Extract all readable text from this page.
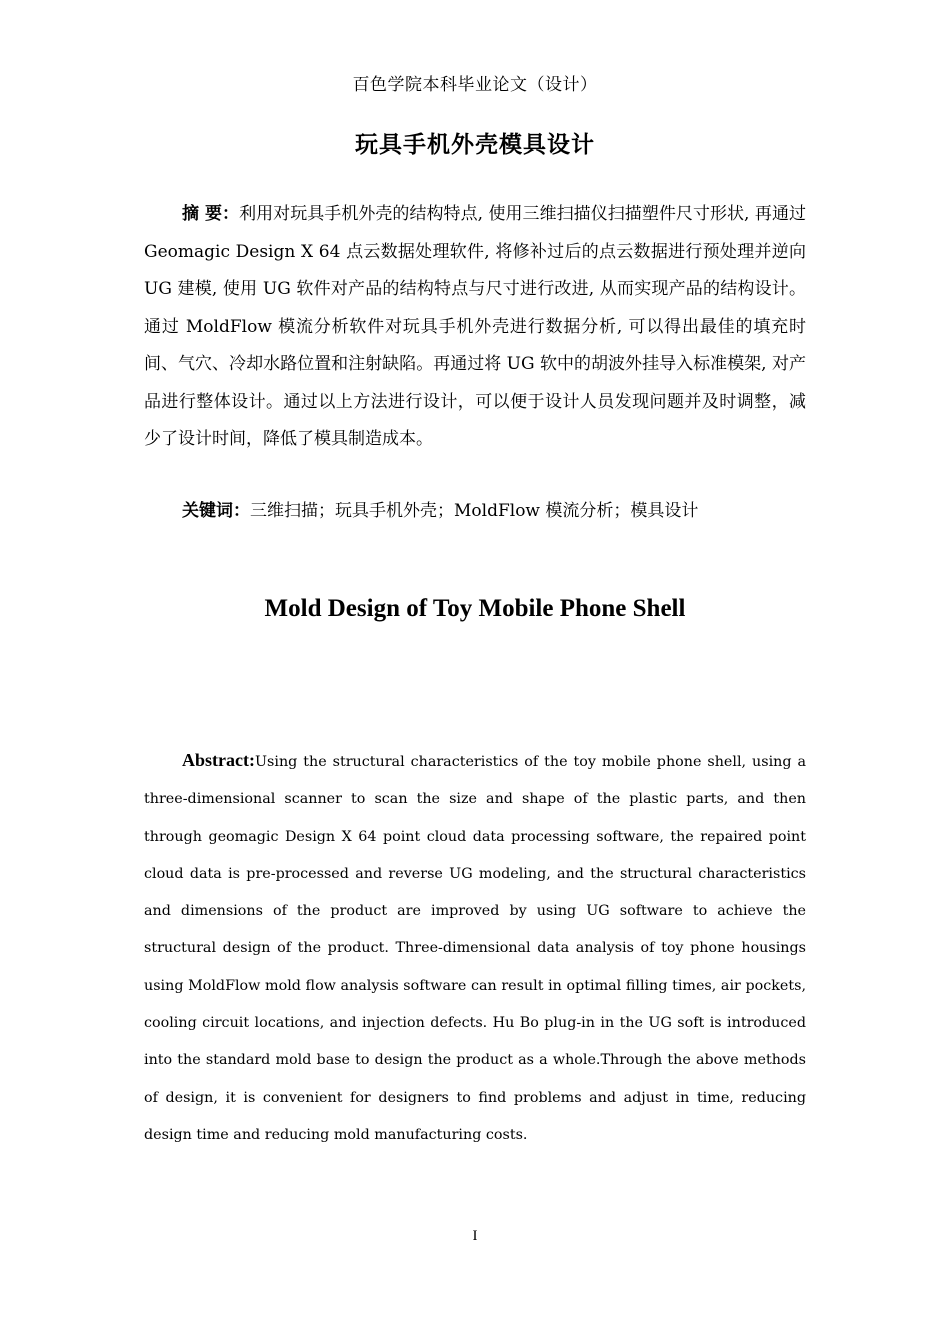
百色学院本科毕业论文（设计）
玩具手机外壳模具设计

摘 要：利用对玩具手机外壳的结构特点, 使用三维扫描仪扫描塑件尺寸形状, 再通过 Geomagic Design X 64 点云数据处理软件, 将修补过后的点云数据进行预处理并逆向 UG 建模, 使用 UG 软件对产品的结构特点与尺寸进行改进, 从而实现产品的结构设计。通过 MoldFlow 模流分析软件对玩具手机外壳进行数据分析, 可以得出最佳的填充时间、气穴、冷却水路位置和注射缺陷。再通过将 UG 软中的胡波外挂导入标准模架, 对产品进行整体设计。通过以上方法进行设计，可以便于设计人员发现问题并及时调整，减少了设计时间，降低了模具制造成本。

关键词：三维扫描；玩具手机外壳；MoldFlow 模流分析；模具设计

Mold Design of Toy Mobile Phone Shell

Abstract:Using the structural characteristics of the toy mobile phone shell, using a three-dimensional scanner to scan the size and shape of the plastic parts, and then through geomagic Design X 64 point cloud data processing software, the repaired point cloud data is pre-processed and reverse UG modeling, and the structural characteristics and dimensions of the product are improved by using UG software to achieve the structural design of the product. Three-dimensional data analysis of toy phone housings using MoldFlow mold flow analysis software can result in optimal filling times, air pockets, cooling circuit locations, and injection defects. Hu Bo plug-in in the UG soft is introduced into the standard mold base to design the product as a whole.Through the above methods of design, it is convenient for designers to find problems and adjust in time, reducing design time and reducing mold manufacturing costs.

I
